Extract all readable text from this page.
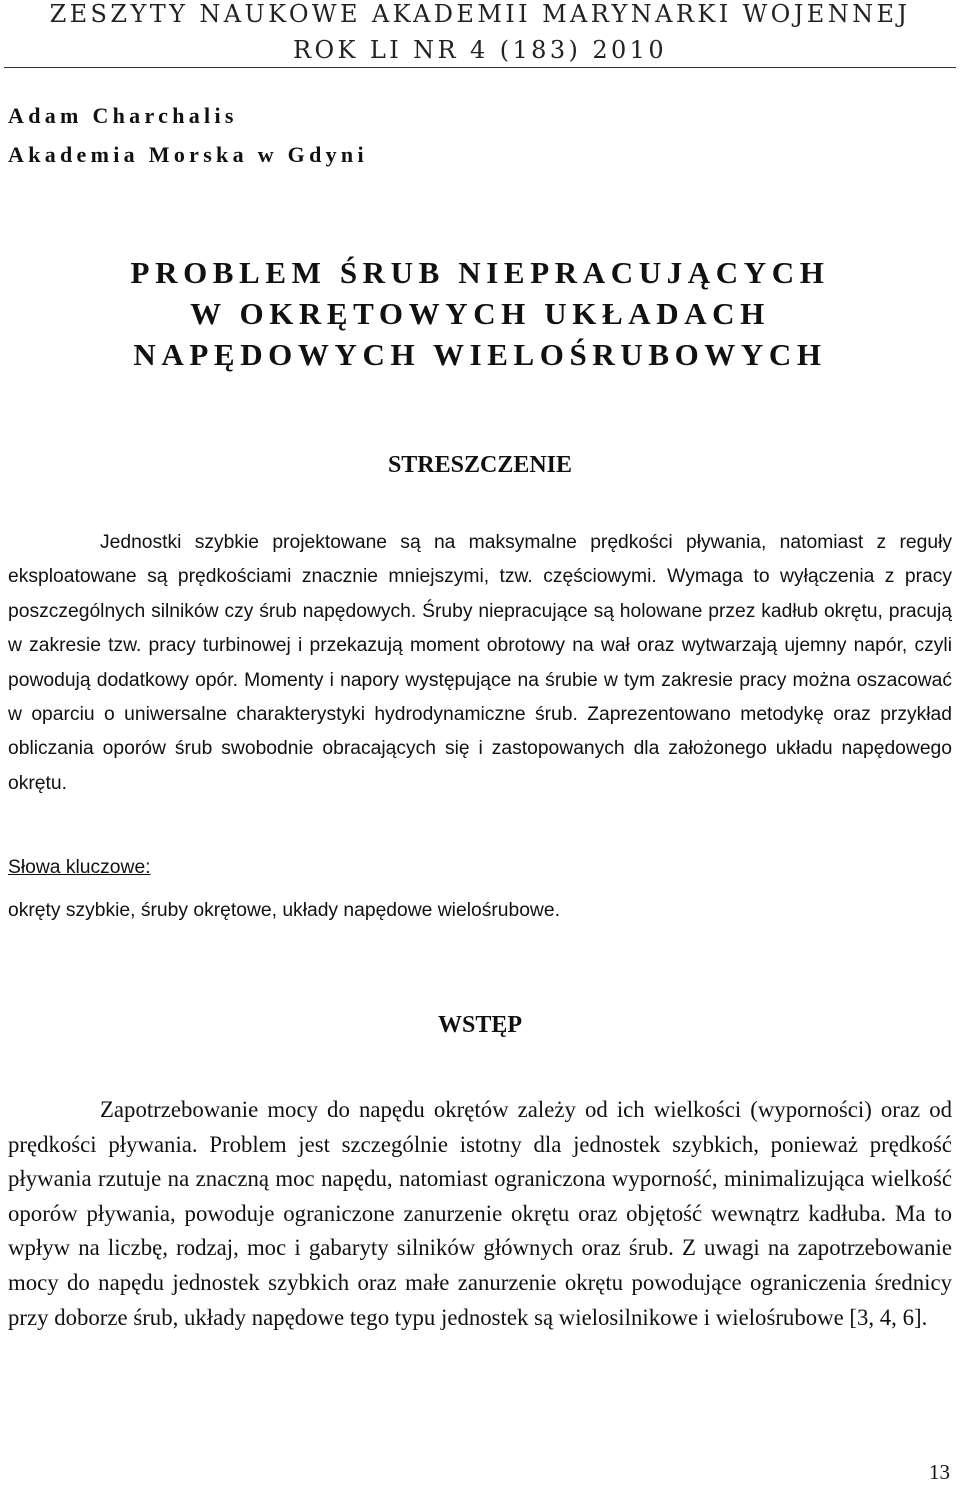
ZESZYTY NAUKOWE AKADEMII MARYNARKI WOJENNEJ
ROK LI NR 4 (183) 2010
Adam Charchalis
Akademia Morska w Gdyni
PROBLEM ŚRUB NIEPRACUJĄCYCH
W OKRĘTOWYCH UKŁADACH
NAPĘDOWYCH WIELOŚRUBOWYCH
STRESZCZENIE

Jednostki szybkie projektowane są na maksymalne prędkości pływania, natomiast z reguły eksploatowane są prędkościami znacznie mniejszymi, tzw. częściowymi. Wymaga to wyłączenia z pracy poszczególnych silników czy śrub napędowych. Śruby niepracujące są holowane przez kadłub okrętu, pracują w zakresie tzw. pracy turbinowej i przekazują moment obrotowy na wał oraz wytwarzają ujemny napór, czyli powodują dodatkowy opór. Momenty i napory występujące na śrubie w tym zakresie pracy można oszacować w oparciu o uniwersalne charakterystyki hydrodynamiczne śrub. Zaprezentowano metodykę oraz przykład obliczania oporów śrub swobodnie obracających się i zastopowanych dla założonego układu napędowego okrętu.

Słowa kluczowe:
okręty szybkie, śruby okrętowe, układy napędowe wielośrubowe.
WSTĘP

Zapotrzebowanie mocy do napędu okrętów zależy od ich wielkości (wyporności) oraz od prędkości pływania. Problem jest szczególnie istotny dla jednostek szybkich, ponieważ prędkość pływania rzutuje na znaczną moc napędu, natomiast ograniczona wyporność, minimalizująca wielkość oporów pływania, powoduje ograniczone zanurzenie okrętu oraz objętość wewnątrz kadłuba. Ma to wpływ na liczbę, rodzaj, moc i gabaryty silników głównych oraz śrub. Z uwagi na zapotrzebowanie mocy do napędu jednostek szybkich oraz małe zanurzenie okrętu powodujące ograniczenia średnicy przy doborze śrub, układy napędowe tego typu jednostek są wielosilnikowe i wielośrubowe [3, 4, 6].

13
